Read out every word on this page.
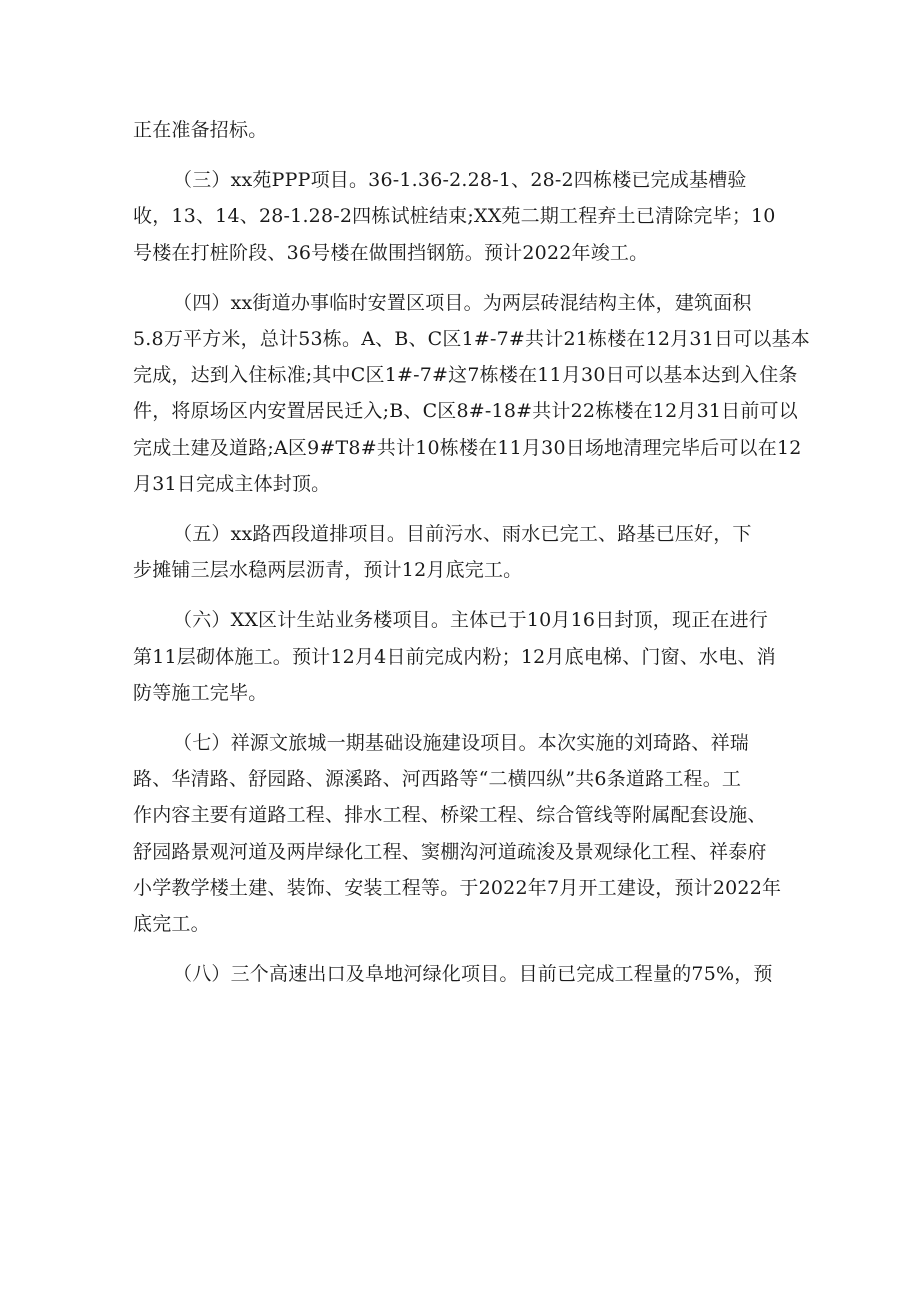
正在准备招标。

（三）xx苑PPP项目。36-1.36-2.28-1、28-2四栋楼已完成基槽验
收，13、14、28-1.28-2四栋试桩结束;XX苑二期工程弃土已清除完毕；10
号楼在打桩阶段、36号楼在做围挡钢筋。预计2022年竣工。

（四）xx街道办事临时安置区项目。为两层砖混结构主体，建筑面积
5.8万平方米，总计53栋。A、B、C区1#-7#共计21栋楼在12月31日可以基本
完成，达到入住标准;其中C区1#-7#这7栋楼在11月30日可以基本达到入住条
件，将原场区内安置居民迁入;B、C区8#-18#共计22栋楼在12月31日前可以
完成土建及道路;A区9#T8#共计10栋楼在11月30日场地清理完毕后可以在12
月31日完成主体封顶。

（五）xx路西段道排项目。目前污水、雨水已完工、路基已压好，下
步摊铺三层水稳两层沥青，预计12月底完工。

（六）XX区计生站业务楼项目。主体已于10月16日封顶，现正在进行
第11层砌体施工。预计12月4日前完成内粉；12月底电梯、门窗、水电、消
防等施工完毕。

（七）祥源文旅城一期基础设施建设项目。本次实施的刘琦路、祥瑞
路、华清路、舒园路、源溪路、河西路等“二横四纵”共6条道路工程。工
作内容主要有道路工程、排水工程、桥梁工程、综合管线等附属配套设施、
舒园路景观河道及两岸绿化工程、窦棚沟河道疏浚及景观绿化工程、祥泰府
小学教学楼土建、装饰、安装工程等。于2022年7月开工建设，预计2022年
底完工。

（八）三个高速出口及阜地河绿化项目。目前已完成工程量的75%，预
